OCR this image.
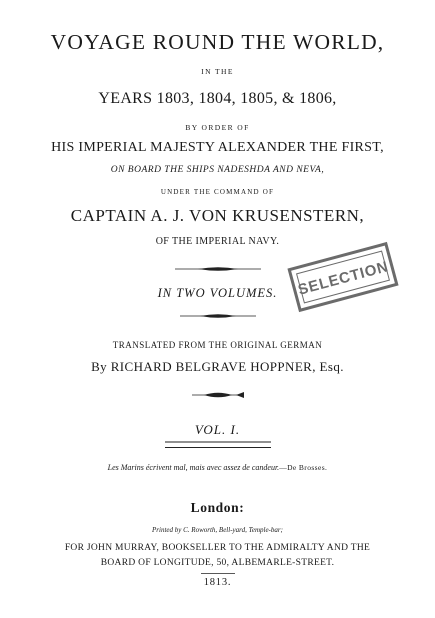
VOYAGE ROUND THE WORLD,
IN THE
YEARS 1803, 1804, 1805, & 1806,
BY ORDER OF
HIS IMPERIAL MAJESTY ALEXANDER THE FIRST,
ON BOARD THE SHIPS NADESHDA AND NEVA,
UNDER THE COMMAND OF
CAPTAIN A. J. VON KRUSENSTERN,
OF THE IMPERIAL NAVY.
IN TWO VOLUMES.
TRANSLATED FROM THE ORIGINAL GERMAN
By RICHARD BELGRAVE HOPPNER, Esq.
VOL. I.
Les Marins écrivent mal, mais avec assez de candeur.—De Brosses.
London:
Printed by C. Roworth, Bell-yard, Temple-bar;
FOR JOHN MURRAY, BOOKSELLER TO THE ADMIRALTY AND THE
BOARD OF LONGITUDE, 50, ALBEMARLE-STREET.
1813.
SELECTION
